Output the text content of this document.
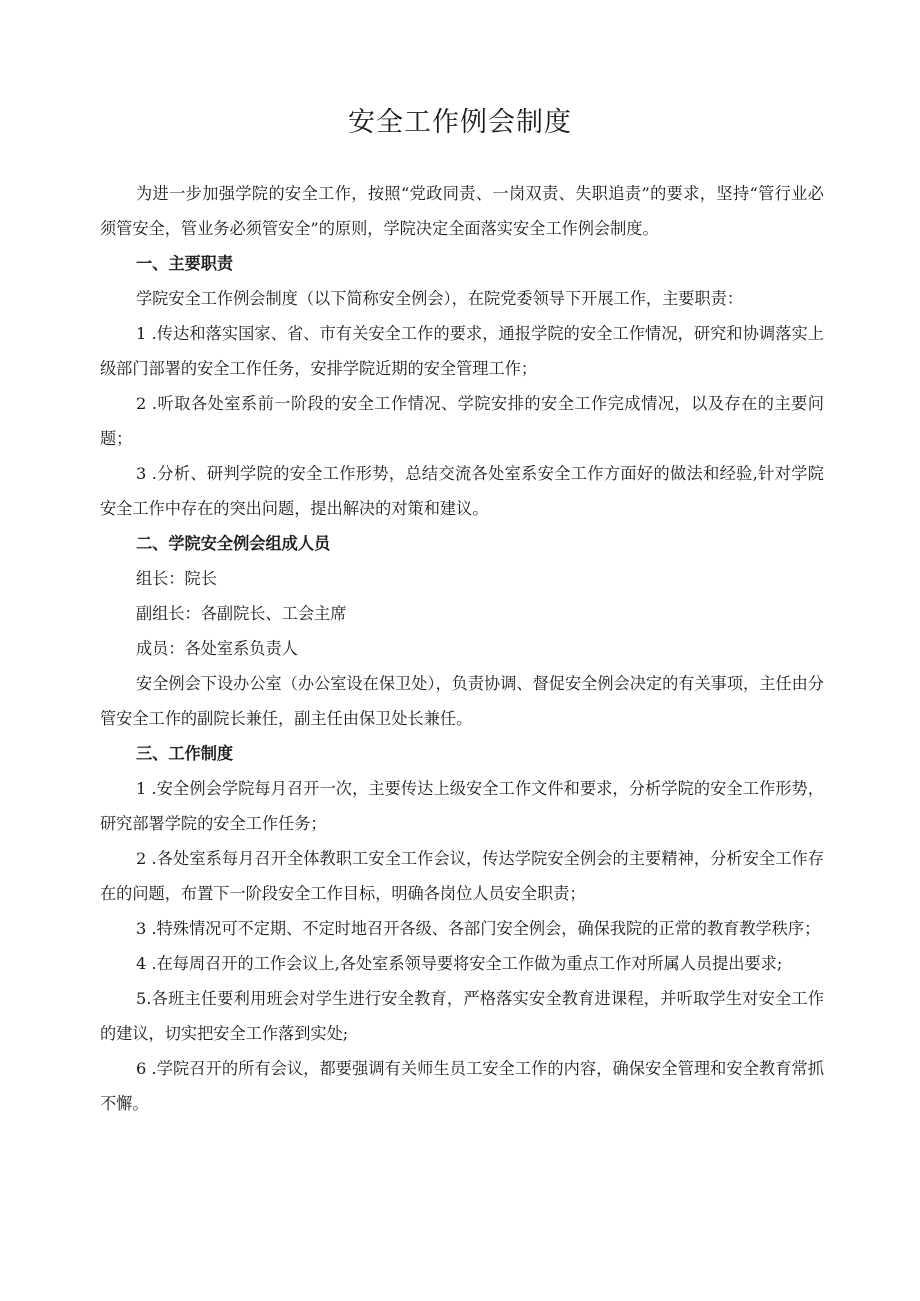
安全工作例会制度

为进一步加强学院的安全工作，按照“党政同责、一岗双责、失职追责”的要求，坚持“管行业必须管安全，管业务必须管安全”的原则，学院决定全面落实安全工作例会制度。

一、主要职责

学院安全工作例会制度（以下简称安全例会），在院党委领导下开展工作，主要职责：

1 .传达和落实国家、省、市有关安全工作的要求，通报学院的安全工作情况，研究和协调落实上级部门部署的安全工作任务，安排学院近期的安全管理工作；

2 .听取各处室系前一阶段的安全工作情况、学院安排的安全工作完成情况，以及存在的主要问题；

3 .分析、研判学院的安全工作形势，总结交流各处室系安全工作方面好的做法和经验,针对学院安全工作中存在的突出问题，提出解决的对策和建议。

二、学院安全例会组成人员

组长：院长

副组长：各副院长、工会主席

成员：各处室系负责人

安全例会下设办公室（办公室设在保卫处），负责协调、督促安全例会决定的有关事项，主任由分管安全工作的副院长兼任，副主任由保卫处长兼任。

三、工作制度

1 .安全例会学院每月召开一次，主要传达上级安全工作文件和要求，分析学院的安全工作形势，研究部署学院的安全工作任务；

2 .各处室系每月召开全体教职工安全工作会议，传达学院安全例会的主要精神，分析安全工作存在的问题，布置下一阶段安全工作目标，明确各岗位人员安全职责；

3 .特殊情况可不定期、不定时地召开各级、各部门安全例会，确保我院的正常的教育教学秩序；

4 .在每周召开的工作会议上,各处室系领导要将安全工作做为重点工作对所属人员提出要求;

5.各班主任要利用班会对学生进行安全教育，严格落实安全教育进课程，并听取学生对安全工作的建议，切实把安全工作落到实处;

6 .学院召开的所有会议，都要强调有关师生员工安全工作的内容，确保安全管理和安全教育常抓不懈。
